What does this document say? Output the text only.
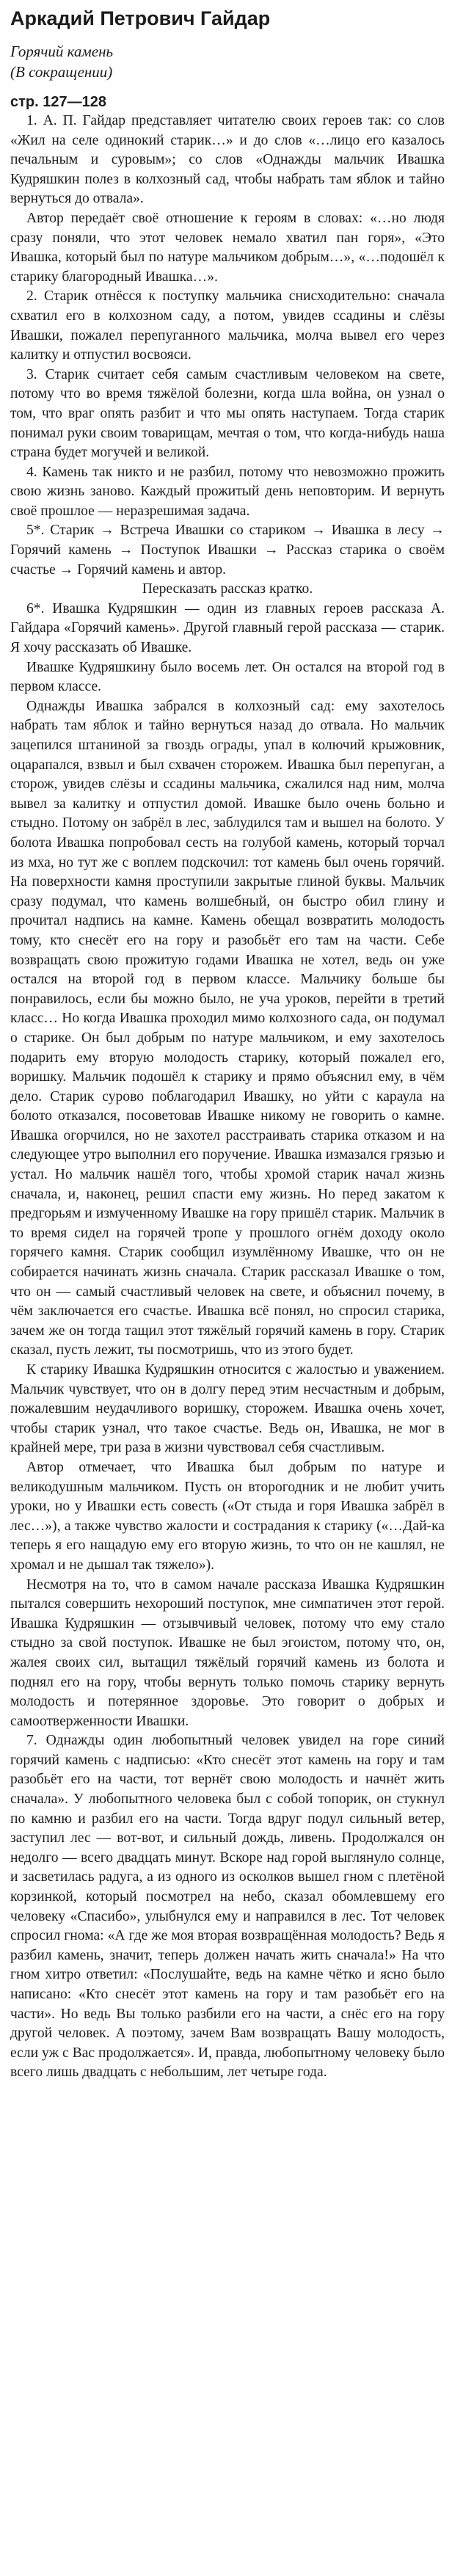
Аркадий Петрович Гайдар
Горячий камень
(В сокращении)
стр. 127—128

1. А. П. Гайдар представляет читателю своих героев так: со слов «Жил на селе одинокий старик…» и до слов «…лицо его казалось печальным и суровым»; со слов «Однажды мальчик Ивашка Кудряшкин полез в колхозный сад, чтобы набрать там яблок и тайно вернуться до отвала».

Автор передаёт своё отношение к героям в словах: «…но людя сразу поняли, что этот человек немало хватил пан горя», «Это Ивашка, который был по натуре мальчиком добрым…», «…подошёл к старику благородный Ивашка…».

2. Старик отнёсся к поступку мальчика снисходительно: сначала схватил его в колхозном саду, а потом, увидев ссадины и слёзы Ивашки, пожалел перепуганного мальчика, молча вывел его через калитку и отпустил восвояси.

3. Старик считает себя самым счастливым человеком на свете, потому что во время тяжёлой болезни, когда шла война, он узнал о том, что враг опять разбит и что мы опять наступаем. Тогда старик понимал руки своим товарищам, мечтая о том, что когда-нибудь наша страна будет могучей и великой.

4. Камень так никто и не разбил, потому что невозможно прожить свою жизнь заново. Каждый прожитый день неповторим. И вернуть своё прошлое — неразрешимая задача.

5*. Старик → Встреча Ивашки со стариком → Ивашка в лесу → Горячий камень → Поступок Ивашки → Рассказ старика о своём счастье → Горячий камень и автор.

Пересказать рассказ кратко.

6*. Ивашка Кудряшкин — один из главных героев рассказа А. Гайдара «Горячий камень». Другой главный герой рассказа — старик. Я хочу рассказать об Ивашке.

Ивашке Кудряшкину было восемь лет. Он остался на второй год в первом классе.

Однажды Ивашка забрался в колхозный сад: ему захотелось набрать там яблок и тайно вернуться назад до отвала. Но мальчик зацепился штаниной за гвоздь ограды, упал в колючий крыжовник, оцарапался, взвыл и был схвачен сторожем. Ивашка был перепуган, а сторож, увидев слёзы и ссадины мальчика, сжалился над ним, молча вывел за калитку и отпустил домой. Ивашке было очень больно и стыдно. Потому он забрёл в лес, заблудился там и вышел на болото. У болота Ивашка попробовал сесть на голубой камень, который торчал из мха, но тут же с воплем подскочил: тот камень был очень горячий. На поверхности камня проступили закрытые глиной буквы. Мальчик сразу подумал, что камень волшебный, он быстро обил глину и прочитал надпись на камне. Камень обещал возвратить молодость тому, кто снесёт его на гору и разобьёт его там на части. Себе возвращать свою прожитую годами Ивашка не хотел, ведь он уже остался на второй год в первом классе. Мальчику больше бы понравилось, если бы можно было, не уча уроков, перейти в третий класс… Но когда Ивашка проходил мимо колхозного сада, он подумал о старике. Он был добрым по натуре мальчиком, и ему захотелось подарить ему вторую молодость старику, который пожалел его, воришку. Мальчик подошёл к старику и прямо объяснил ему, в чём дело. Старик сурово поблагодарил Ивашку, но уйти с караула на болото отказался, посоветовав Ивашке никому не говорить о камне. Ивашка огорчился, но не захотел расстраивать старика отказом и на следующее утро выполнил его поручение. Ивашка измазался грязью и устал. Но мальчик нашёл того, чтобы хромой старик начал жизнь сначала, и, наконец, решил спасти ему жизнь. Но перед закатом к предгорьям и измученному Ивашке на гору пришёл старик. Мальчик в то время сидел на горячей тропе у прошлого огнём доходу около горячего камня. Старик сообщил изумлённому Ивашке, что он не собирается начинать жизнь сначала. Старик рассказал Ивашке о том, что он — самый счастливый человек на свете, и объяснил почему, в чём заключается его счастье. Ивашка всё понял, но спросил старика, зачем же он тогда тащил этот тяжёлый горячий камень в гору. Старик сказал, пусть лежит, ты посмотришь, что из этого будет.

К старику Ивашка Кудряшкин относится с жалостью и уважением. Мальчик чувствует, что он в долгу перед этим несчастным и добрым, пожалевшим неудачливого воришку, сторожем. Ивашка очень хочет, чтобы старик узнал, что такое счастье. Ведь он, Ивашка, не мог в крайней мере, три раза в жизни чувствовал себя счастливым.

Автор отмечает, что Ивашка был добрым по натуре и великодушным мальчиком. Пусть он второгодник и не любит учить уроки, но у Ивашки есть совесть («От стыда и горя Ивашка забрёл в лес…»), а также чувство жалости и сострадания к старику («…Дай-ка теперь я его нащадую ему его вторую жизнь, то что он не кашлял, не хромал и не дышал так тяжело»).

Несмотря на то, что в самом начале рассказа Ивашка Кудряшкин пытался совершить нехороший поступок, мне симпатичен этот герой. Ивашка Кудряшкин — отзывчивый человек, потому что ему стало стыдно за свой поступок. Ивашке не был эгоистом, потому что, он, жалея своих сил, вытащил тяжёлый горячий камень из болота и поднял его на гору, чтобы вернуть только помочь старику вернуть молодость и потерянное здоровье. Это говорит о добрых и самоотверженности Ивашки.

7. Однажды один любопытный человек увидел на горе синий горячий камень с надписью: «Кто снесёт этот камень на гору и там разобьёт его на части, тот вернёт свою молодость и начнёт жить сначала». У любопытного человека был с собой топорик, он стукнул по камню и разбил его на части. Тогда вдруг подул сильный ветер, заступил лес — вот-вот, и сильный дождь, ливень. Продолжался он недолго — всего двадцать минут. Вскоре над горой выглянуло солнце, и засветилась радуга, а из одного из осколков вышел гном с плетёной корзинкой, который посмотрел на небо, сказал обомлевшему его человеку «Спасибо», улыбнулся ему и направился в лес. Тот человек спросил гнома: «А где же моя вторая возвращённая молодость? Ведь я разбил камень, значит, теперь должен начать жить сначала!» На что гном хитро ответил: «Послушайте, ведь на камне чётко и ясно было написано: «Кто снесёт этот камень на гору и там разобьёт его на части». Но ведь Вы только разбили его на части, а снёс его на гору другой человек. А поэтому, зачем Вам возвращать Вашу молодость, если уж с Вас продолжается». И, правда, любопытному человеку было всего лишь двадцать с небольшим, лет четыре года.
